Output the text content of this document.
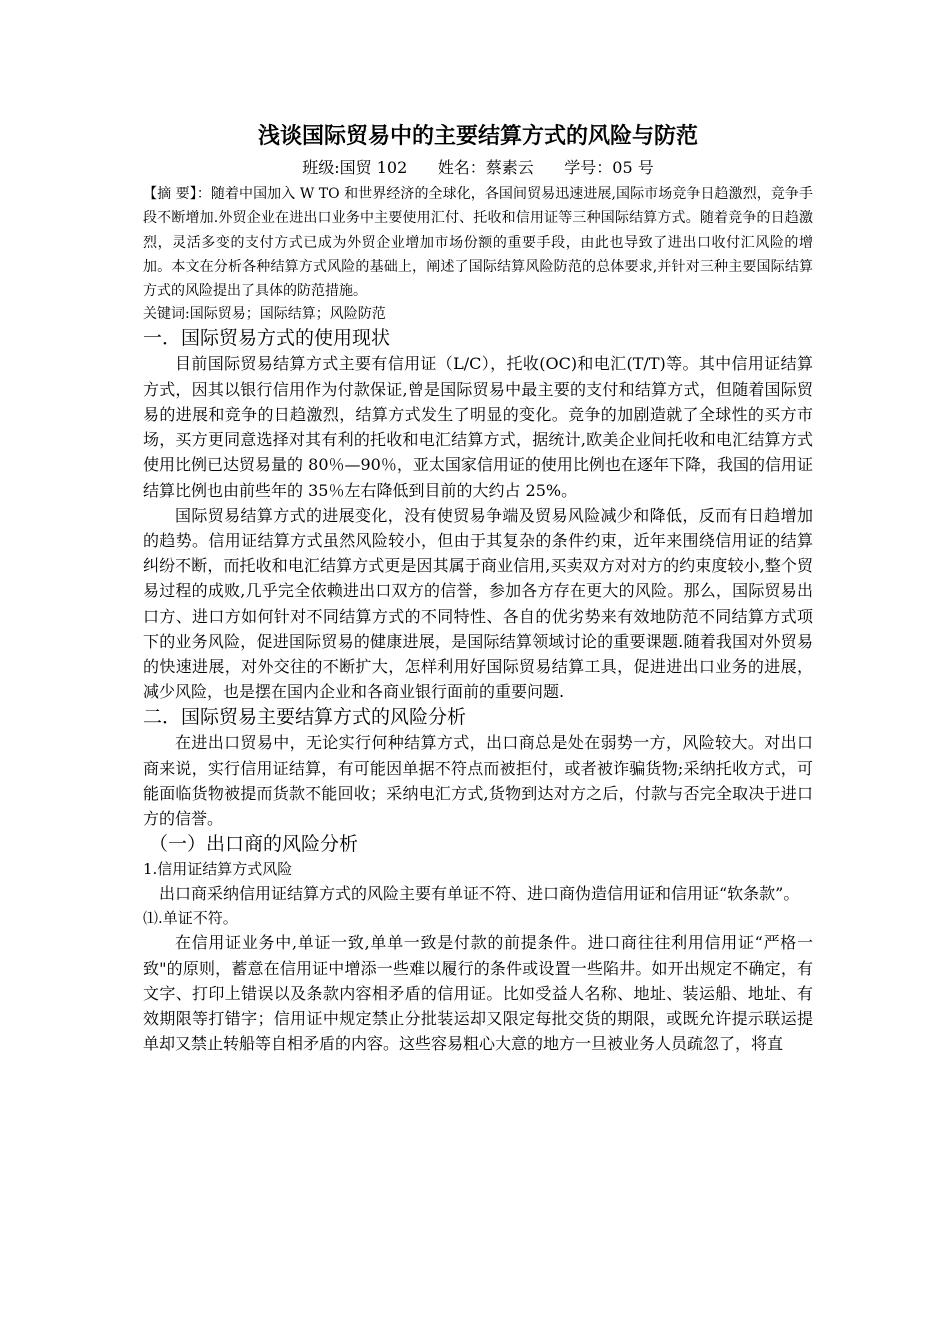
浅谈国际贸易中的主要结算方式的风险与防范

班级:国贸 102      姓名：蔡素云      学号：05 号

【摘 要】：随着中国加入 W TO 和世界经济的全球化，各国间贸易迅速进展,国际市场竞争日趋激烈，竞争手段不断增加.外贸企业在进出口业务中主要使用汇付、托收和信用证等三种国际结算方式。随着竞争的日趋激烈，灵活多变的支付方式已成为外贸企业增加市场份额的重要手段，由此也导致了进出口收付汇风险的增加。本文在分析各种结算方式风险的基础上，阐述了国际结算风险防范的总体要求,并针对三种主要国际结算方式的风险提出了具体的防范措施。

关键词:国际贸易；国际结算；风险防范

一．国际贸易方式的使用现状

目前国际贸易结算方式主要有信用证（L/C），托收(OC)和电汇(T/T)等。其中信用证结算方式，因其以银行信用作为付款保证,曾是国际贸易中最主要的支付和结算方式，但随着国际贸易的进展和竞争的日趋激烈，结算方式发生了明显的变化。竞争的加剧造就了全球性的买方市场，买方更同意选择对其有利的托收和电汇结算方式，据统计,欧美企业间托收和电汇结算方式使用比例已达贸易量的 80％—90％，亚太国家信用证的使用比例也在逐年下降，我国的信用证结算比例也由前些年的 35％左右降低到目前的大约占 25%。

国际贸易结算方式的进展变化，没有使贸易争端及贸易风险减少和降低，反而有日趋增加的趋势。信用证结算方式虽然风险较小，但由于其复杂的条件约束，近年来围绕信用证的结算纠纷不断，而托收和电汇结算方式更是因其属于商业信用,买卖双方对对方的约束度较小,整个贸易过程的成败,几乎完全依赖进出口双方的信誉，参加各方存在更大的风险。那么，国际贸易出口方、进口方如何针对不同结算方式的不同特性、各自的优劣势来有效地防范不同结算方式项下的业务风险，促进国际贸易的健康进展，是国际结算领域讨论的重要课题.随着我国对外贸易的快速进展，对外交往的不断扩大，怎样利用好国际贸易结算工具，促进进出口业务的进展，减少风险，也是摆在国内企业和各商业银行面前的重要问题.

二．国际贸易主要结算方式的风险分析

在进出口贸易中，无论实行何种结算方式，出口商总是处在弱势一方，风险较大。对出口商来说，实行信用证结算，有可能因单据不符点而被拒付，或者被诈骗货物;采纳托收方式，可能面临货物被提而货款不能回收；采纳电汇方式,货物到达对方之后，付款与否完全取决于进口方的信誉。

（一）出口商的风险分析

1.信用证结算方式风险

出口商采纳信用证结算方式的风险主要有单证不符、进口商伪造信用证和信用证“软条款”。

⑴.单证不符。

在信用证业务中,单证一致,单单一致是付款的前提条件。进口商往往利用信用证“严格一致"的原则，蓄意在信用证中增添一些难以履行的条件或设置一些陷井。如开出规定不确定，有文字、打印上错误以及条款内容相矛盾的信用证。比如受益人名称、地址、装运船、地址、有效期限等打错字；信用证中规定禁止分批装运却又限定每批交货的期限，或既允许提示联运提单却又禁止转船等自相矛盾的内容。这些容易粗心大意的地方一旦被业务人员疏忽了，将直
